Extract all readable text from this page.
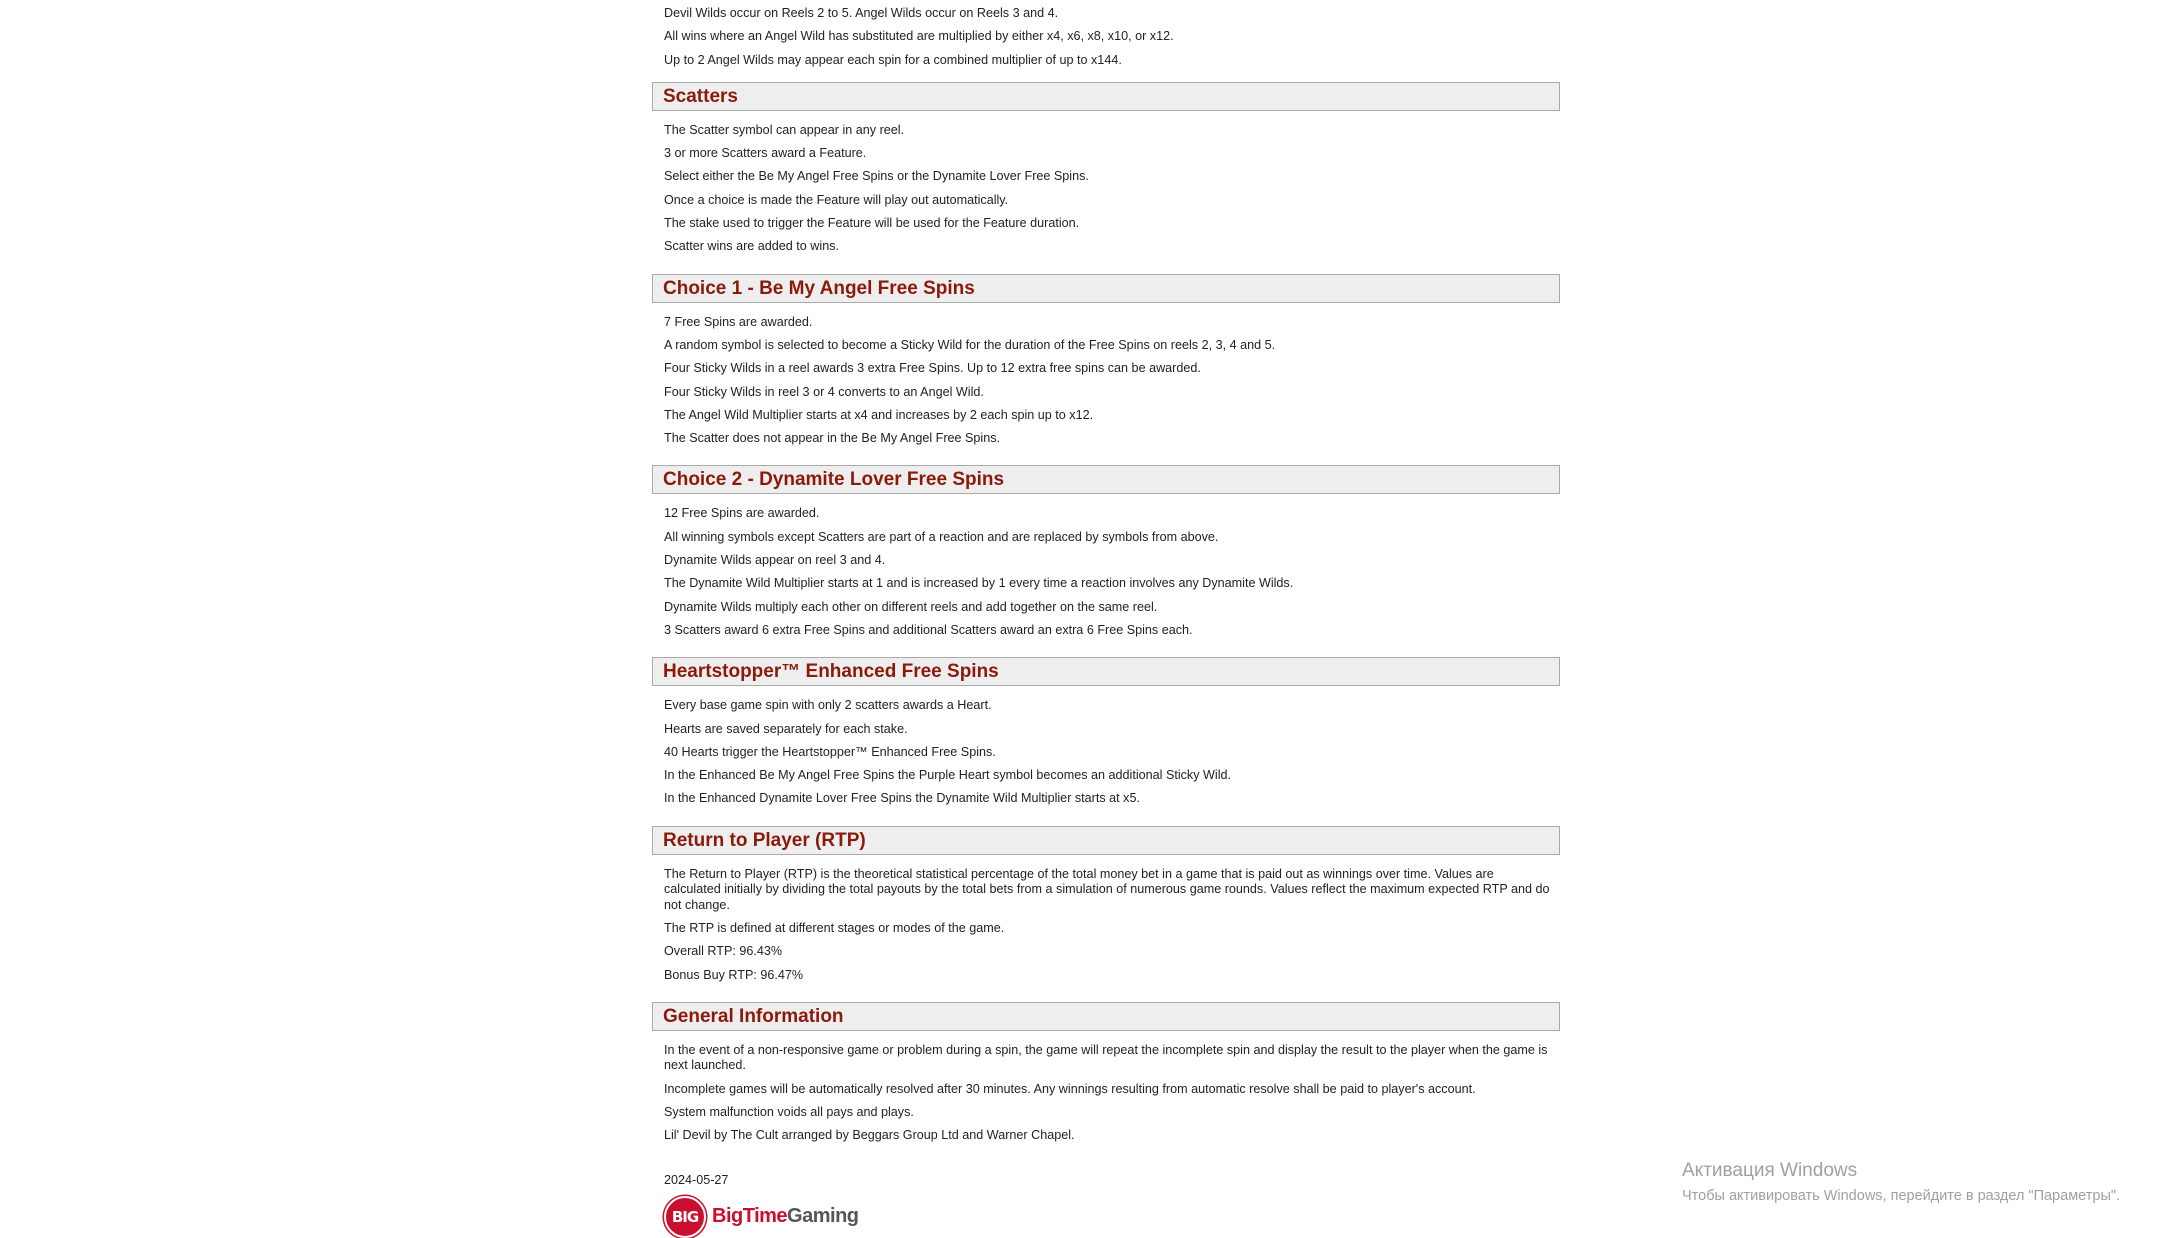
Devil Wilds occur on Reels 2 to 5. Angel Wilds occur on Reels 3 and 4.
All wins where an Angel Wild has substituted are multiplied by either x4, x6, x8, x10, or x12.
Up to 2 Angel Wilds may appear each spin for a combined multiplier of up to x144.
Scatters
The Scatter symbol can appear in any reel.
3 or more Scatters award a Feature.
Select either the Be My Angel Free Spins or the Dynamite Lover Free Spins.
Once a choice is made the Feature will play out automatically.
The stake used to trigger the Feature will be used for the Feature duration.
Scatter wins are added to wins.
Choice 1 - Be My Angel Free Spins
7 Free Spins are awarded.
A random symbol is selected to become a Sticky Wild for the duration of the Free Spins on reels 2, 3, 4 and 5.
Four Sticky Wilds in a reel awards 3 extra Free Spins. Up to 12 extra free spins can be awarded.
Four Sticky Wilds in reel 3 or 4 converts to an Angel Wild.
The Angel Wild Multiplier starts at x4 and increases by 2 each spin up to x12.
The Scatter does not appear in the Be My Angel Free Spins.
Choice 2 - Dynamite Lover Free Spins
12 Free Spins are awarded.
All winning symbols except Scatters are part of a reaction and are replaced by symbols from above.
Dynamite Wilds appear on reel 3 and 4.
The Dynamite Wild Multiplier starts at 1 and is increased by 1 every time a reaction involves any Dynamite Wilds.
Dynamite Wilds multiply each other on different reels and add together on the same reel.
3 Scatters award 6 extra Free Spins and additional Scatters award an extra 6 Free Spins each.
Heartstopper™ Enhanced Free Spins
Every base game spin with only 2 scatters awards a Heart.
Hearts are saved separately for each stake.
40 Hearts trigger the Heartstopper™ Enhanced Free Spins.
In the Enhanced Be My Angel Free Spins the Purple Heart symbol becomes an additional Sticky Wild.
In the Enhanced Dynamite Lover Free Spins the Dynamite Wild Multiplier starts at x5.
Return to Player (RTP)
The Return to Player (RTP) is the theoretical statistical percentage of the total money bet in a game that is paid out as winnings over time. Values are calculated initially by dividing the total payouts by the total bets from a simulation of numerous game rounds. Values reflect the maximum expected RTP and do not change.
The RTP is defined at different stages or modes of the game.
Overall RTP: 96.43%
Bonus Buy RTP: 96.47%
General Information
In the event of a non-responsive game or problem during a spin, the game will repeat the incomplete spin and display the result to the player when the game is next launched.
Incomplete games will be automatically resolved after 30 minutes. Any winnings resulting from automatic resolve shall be paid to player's account.
System malfunction voids all pays and plays.
Lil' Devil by The Cult arranged by Beggars Group Ltd and Warner Chapel.
2024-05-27
BIG BigTimeGaming
Активация Windows
Чтобы активировать Windows, перейдите в раздел "Параметры".
